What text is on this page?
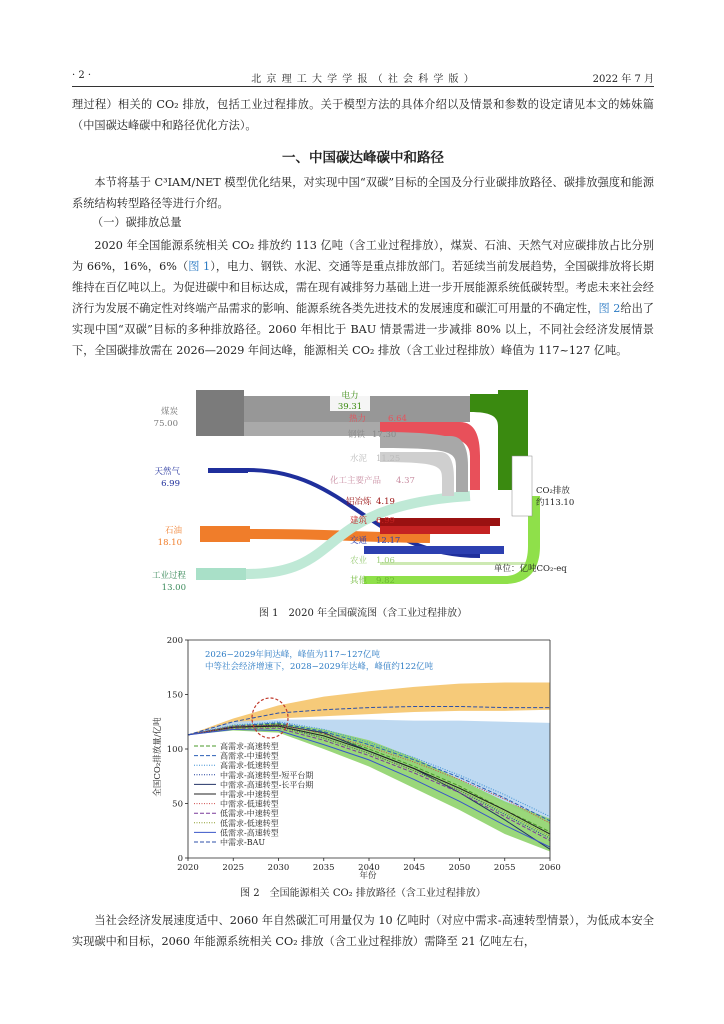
· 2 ·	北 京 理 工 大 学 学 报 （ 社 会 科 学 版 ）	2022 年 7 月
理过程）相关的 CO₂ 排放，包括工业过程排放。关于模型方法的具体介绍以及情景和参数的设定请见本文的姊妹篇（中国碳达峰碳中和路径优化方法）。
一、中国碳达峰碳中和路径
本节将基于 C³IAM/NET 模型优化结果，对实现中国“双碳”目标的全国及分行业碳排放路径、碳排放强度和能源系统结构转型路径等进行介绍。
（一）碳排放总量
2020 年全国能源系统相关 CO₂ 排放约 113 亿吨（含工业过程排放），煤炭、石油、天然气对应碳排放占比分别为 66%，16%，6%（图 1），电力、钢铁、水泥、交通等是重点排放部门。若延续当前发展趋势，全国碳排放将长期维持在百亿吨以上。为促进碳中和目标达成，需在现有减排努力基础上进一步开展能源系统低碳转型。考虑未来社会经济行为发展不确定性对终端产品需求的影响、能源系统各类先进技术的发展速度和碳汇可用量的不确定性，图 2给出了实现中国“双碳”目标的多种排放路径。2060 年相比于 BAU 情景需进一步减排 80% 以上，不同社会经济发展情景下，全国碳排放需在 2026—2029 年间达峰，能源相关 CO₂ 排放（含工业过程排放）峰值为 117~127 亿吨。
煤炭
75.00
天然气
6.99
石油
18.10
工业过程
13.00
电力
39.31
热力	6.64
钢铁 17.30
水泥 11.25
化工主要产品 4.37
铝冶炼 4.19
建筑 6.99
交通 12.17
农业 1.06
其他 9.82
CO₂排放
约113.10
单位：亿吨CO₂-eq
图 1　2020 年全国碳流图（含工业过程排放）
2020	2025	2030	2035	2040	2045	2050	2055	2060
0
50
100
150
200
2026−2029年间达峰，峰值为117~127亿吨
中等社会经济增速下，2028−2029年达峰，峰值约122亿吨
全国CO₂排放量/亿吨
年份
高需求-高速转型
高需求-中速转型
高需求-低速转型
中需求-高速转型-短平台期
中需求-高速转型-长平台期
中需求-中速转型
中需求-低速转型
低需求-中速转型
低需求-低速转型
低需求-高速转型
中需求-BAU
图 2　全国能源相关 CO₂ 排放路径（含工业过程排放）
当社会经济发展速度适中、2060 年自然碳汇可用量仅为 10 亿吨时（对应中需求-高速转型情景），为低成本安全实现碳中和目标，2060 年能源系统相关 CO₂ 排放（含工业过程排放）需降至 21 亿吨左右，
